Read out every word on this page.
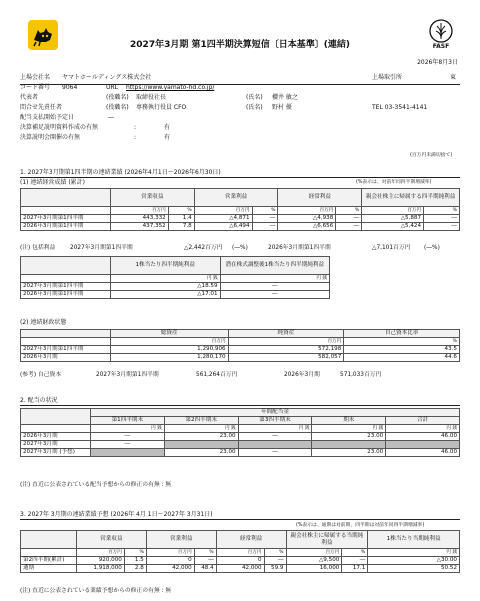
FASF
2027年3月期 第1四半期決算短信〔日本基準〕(連結)
2026年8月3日
上場会社名 ヤマトホールディングス株式会社	上場取引所	東
コード番号 9064	URL https://www.yamato-hd.co.jp/
代表者	(役職名) 取締役社長	(氏名) 櫻井 敏之
問合せ先責任者	(役職名) 専務執行役員 CFO	(氏名) 野村 優	TEL 03-3541-4141
配当支払開始予定日	―
決算補足説明資料作成の有無	:	有
決算説明会開催の有無	:	有
(百万円未満切捨て)
1. 2027年3月期第1四半期の連結業績 (2026年4月1日〜2026年6月30日)
(1) 連結経営成績 (累計)	(%表示は、対前年同四半期増減率)
	営業収益		営業利益		経常利益		親会社株主に帰属する四半期純利益	
	百万円	%	百万円	%	百万円	%	百万円	%
2027年3月期第1四半期	443,332	1.4	△4,871	―	△4,938	―	△5,887	―
2026年3月期第1四半期	437,352	7.8	△6,494	―	△6,656	―	△5,424	―
(注) 包括利益	2027年3月期第1四半期	△2,442百万円 (―%)	2026年3月期第1四半期	△7,101百万円 (―%)
	1株当たり四半期純利益	潜在株式調整後1株当たり四半期純利益
	円 銭	円 銭
2027年3月期第1四半期	△18.59	―
2026年3月期第1四半期	△17.01	―
(2) 連結財政状態
	総資産	純資産	自己資本比率
	百万円	百万円	%
2027年3月期第1四半期	1,290,906	572,198	43.5
2026年3月期	1,280,170	582,057	44.6
(参考) 自己資本	2027年3月期第1四半期	561,264百万円	2026年3月期	571,033百万円
2. 配当の状況
	年間配当金				
	第1四半期末	第2四半期末	第3四半期末	期末	合計
	円 銭	円 銭	円 銭	円 銭	円 銭
2026年3月期	―	23.00	―	23.00	46.00
2027年3月期	―				
2027年3月期 (予想)		23.00	―	23.00	46.00
(注) 直近に公表されている配当予想からの修正の有無 : 無
3. 2027年 3月期の連結業績予想 (2026年 4月 1日〜2027年 3月31日)
(%表示は、通期は対前期、四半期は対前年同四半期増減率)
	営業収益		営業利益		経常利益		親会社株主に帰属する当期純利益		1株当たり当期純利益
	百万円	%	百万円	%	百万円	%	百万円	%	円 銭
第2四半期(累計)	920,000	1.5	0	―	0	―	△9,500	―	△30.00
通期	1,918,000	2.8	42,000	48.4	42,000	59.9	16,000	17.1	50.52
(注) 直近に公表されている業績予想からの修正の有無 : 無
